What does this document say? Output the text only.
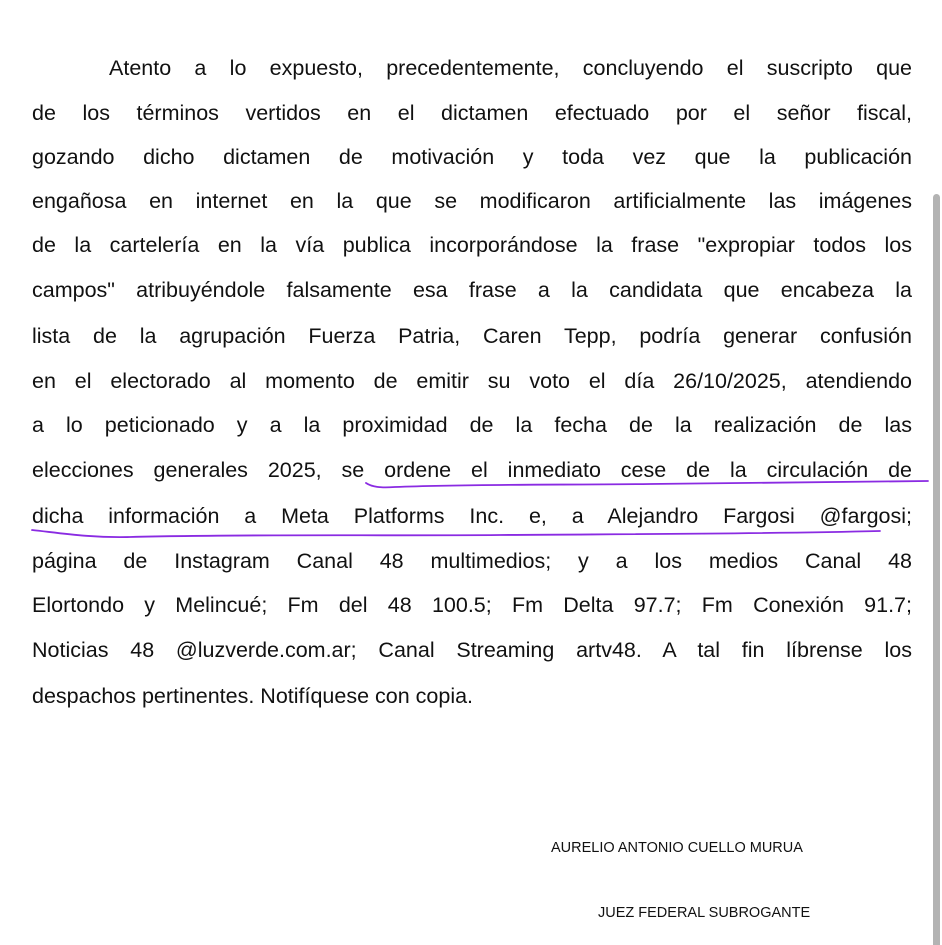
Atento a lo expuesto, precedentemente, concluyendo el suscripto que
de los términos vertidos en el dictamen efectuado por el señor fiscal,
gozando dicho dictamen de motivación y toda vez que la publicación
engañosa en internet en la que se modificaron artificialmente las imágenes
de la cartelería en la vía publica incorporándose la frase "expropiar todos los
campos" atribuyéndole falsamente esa frase a la candidata que encabeza la
lista de la agrupación Fuerza Patria, Caren Tepp, podría generar confusión
en el electorado al momento de emitir su voto el día 26/10/2025, atendiendo
a lo peticionado y a la proximidad de la fecha de la realización de las
elecciones generales 2025, se ordene el inmediato cese de la circulación de
dicha información a Meta Platforms Inc. e, a Alejandro Fargosi @fargosi;
página de Instagram Canal 48 multimedios; y a los medios Canal 48
Elortondo y Melincué; Fm del 48 100.5; Fm Delta 97.7; Fm Conexión 91.7;
Noticias 48 @luzverde.com.ar; Canal Streaming artv48. A tal fin líbrense los
despachos pertinentes. Notifíquese con copia.
AURELIO ANTONIO CUELLO MURUA
JUEZ FEDERAL SUBROGANTE
